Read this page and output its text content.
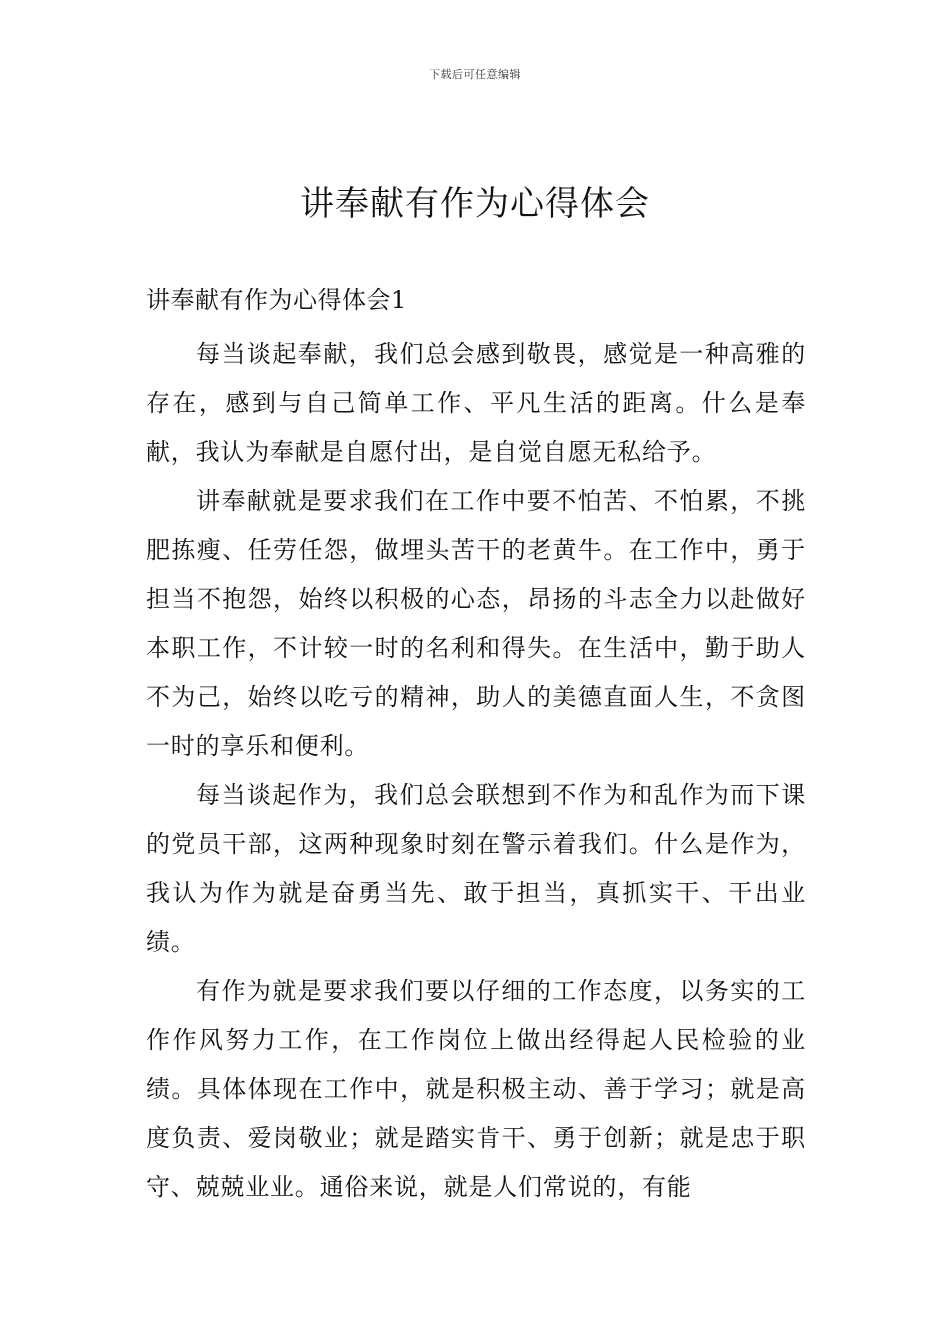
下载后可任意编辑
讲奉献有作为心得体会

讲奉献有作为心得体会1

每当谈起奉献，我们总会感到敬畏，感觉是一种高雅的存在，感到与自己简单工作、平凡生活的距离。什么是奉献，我认为奉献是自愿付出，是自觉自愿无私给予。

讲奉献就是要求我们在工作中要不怕苦、不怕累，不挑肥拣瘦、任劳任怨，做埋头苦干的老黄牛。在工作中，勇于担当不抱怨，始终以积极的心态，昂扬的斗志全力以赴做好本职工作，不计较一时的名利和得失。在生活中，勤于助人不为己，始终以吃亏的精神，助人的美德直面人生，不贪图一时的享乐和便利。

每当谈起作为，我们总会联想到不作为和乱作为而下课的党员干部，这两种现象时刻在警示着我们。什么是作为，我认为作为就是奋勇当先、敢于担当，真抓实干、干出业绩。

有作为就是要求我们要以仔细的工作态度，以务实的工作作风努力工作，在工作岗位上做出经得起人民检验的业绩。具体体现在工作中，就是积极主动、善于学习；就是高度负责、爱岗敬业；就是踏实肯干、勇于创新；就是忠于职守、兢兢业业。通俗来说，就是人们常说的，有能
